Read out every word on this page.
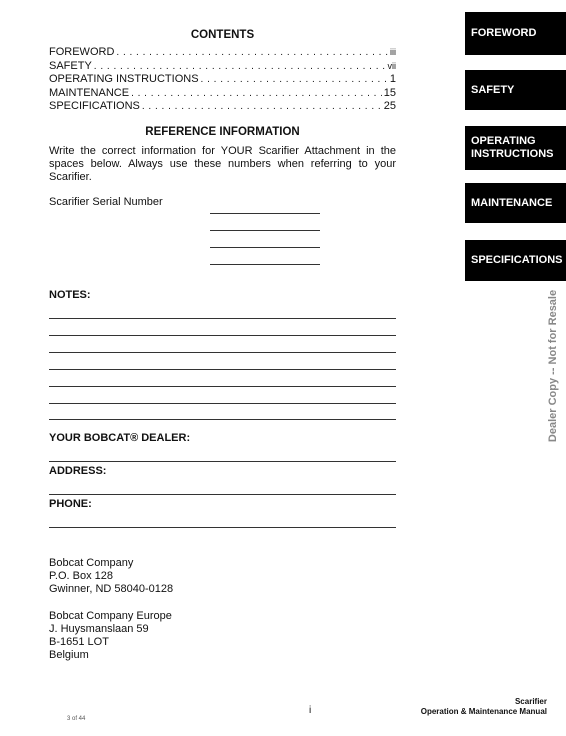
CONTENTS
FOREWORD . . .	iii
SAFETY . . .	vii
OPERATING INSTRUCTIONS . . .	1
MAINTENANCE . . .	15
SPECIFICATIONS . . .	25
REFERENCE INFORMATION
Write the correct information for YOUR Scarifier Attachment in the spaces below. Always use these numbers when referring to your Scarifier.
Scarifier Serial Number
NOTES:
YOUR BOBCAT® DEALER:
ADDRESS:
PHONE:
Bobcat Company
P.O. Box 128
Gwinner, ND 58040-0128
Bobcat Company Europe
J. Huysmanslaan 59
B-1651 LOT
Belgium
FOREWORD
SAFETY
OPERATING
INSTRUCTIONS
MAINTENANCE
SPECIFICATIONS
Dealer Copy -- Not for Resale
i
Scarifier
Operation & Maintenance Manual
3 of 44
